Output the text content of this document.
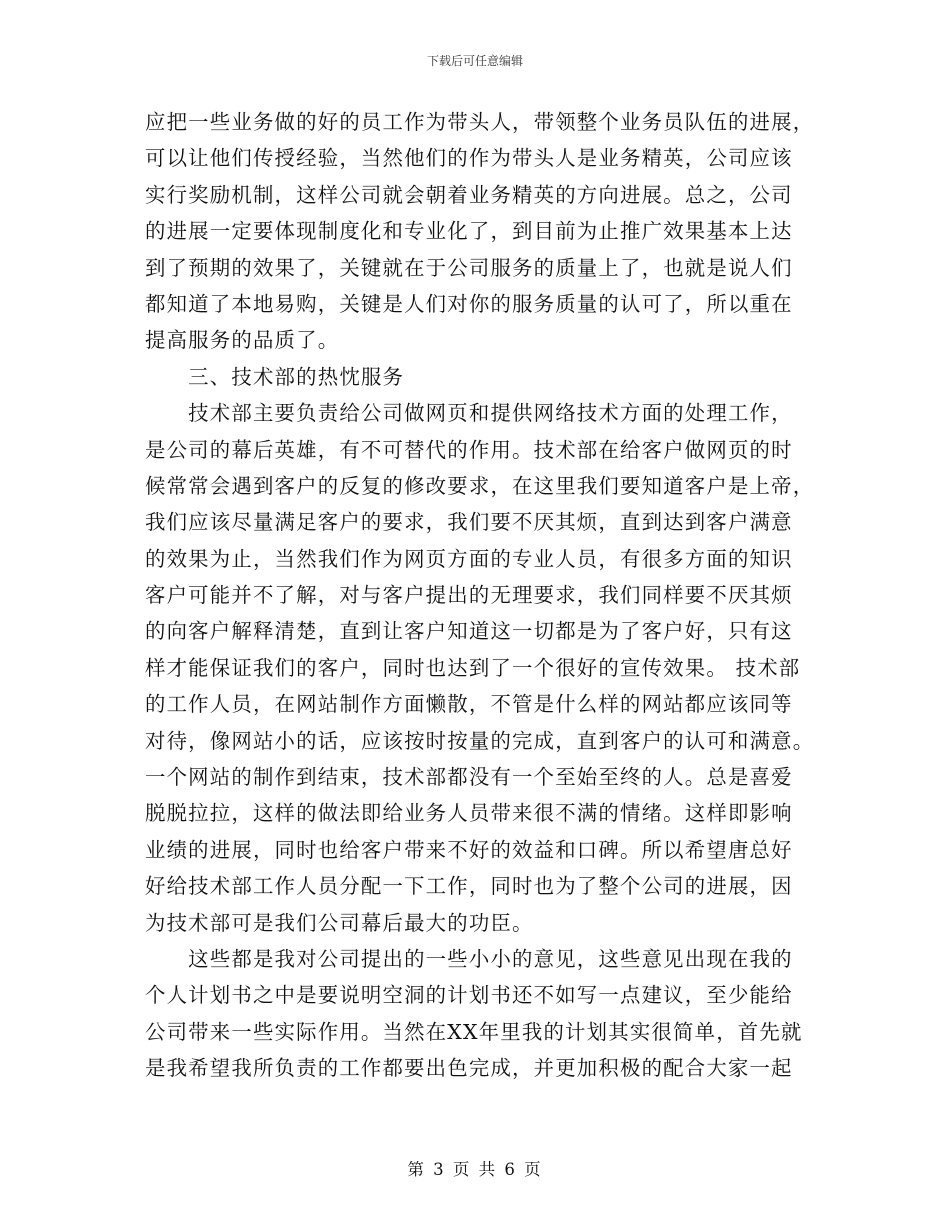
下载后可任意编辑
应把一些业务做的好的员工作为带头人，带领整个业务员队伍的进展，
可以让他们传授经验，当然他们的作为带头人是业务精英，公司应该
实行奖励机制，这样公司就会朝着业务精英的方向进展。总之，公司
的进展一定要体现制度化和专业化了，到目前为止推广效果基本上达
到了预期的效果了，关键就在于公司服务的质量上了，也就是说人们
都知道了本地易购，关键是人们对你的服务质量的认可了，所以重在
提高服务的品质了。
　　三、技术部的热忱服务
　　技术部主要负责给公司做网页和提供网络技术方面的处理工作，
是公司的幕后英雄，有不可替代的作用。技术部在给客户做网页的时
候常常会遇到客户的反复的修改要求，在这里我们要知道客户是上帝，
我们应该尽量满足客户的要求，我们要不厌其烦，直到达到客户满意
的效果为止，当然我们作为网页方面的专业人员，有很多方面的知识
客户可能并不了解，对与客户提出的无理要求，我们同样要不厌其烦
的向客户解释清楚，直到让客户知道这一切都是为了客户好，只有这
样才能保证我们的客户，同时也达到了一个很好的宣传效果。 技术部
的工作人员，在网站制作方面懒散，不管是什么样的网站都应该同等
对待，像网站小的话，应该按时按量的完成，直到客户的认可和满意。
一个网站的制作到结束，技术部都没有一个至始至终的人。总是喜爱
脱脱拉拉，这样的做法即给业务人员带来很不满的情绪。这样即影响
业绩的进展，同时也给客户带来不好的效益和口碑。所以希望唐总好
好给技术部工作人员分配一下工作，同时也为了整个公司的进展，因
为技术部可是我们公司幕后最大的功臣。
　　这些都是我对公司提出的一些小小的意见，这些意见出现在我的
个人计划书之中是要说明空洞的计划书还不如写一点建议，至少能给
公司带来一些实际作用。当然在XX年里我的计划其实很简单，首先就
是我希望我所负责的工作都要出色完成，并更加积极的配合大家一起
第 3 页 共 6 页
